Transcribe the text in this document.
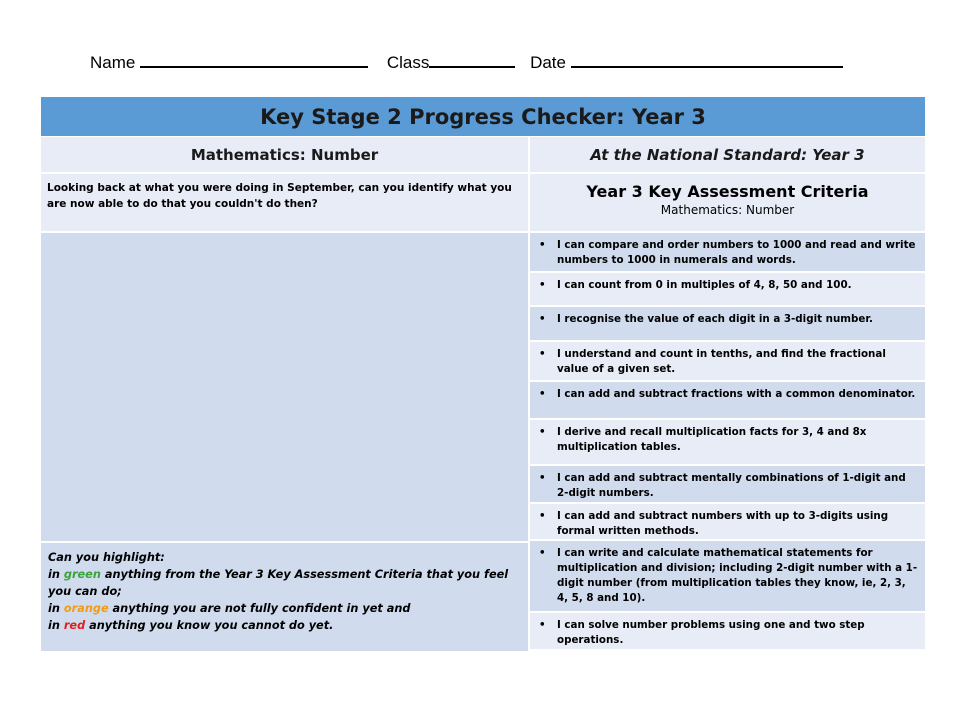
Name	Class	Date
Key Stage 2 Progress Checker: Year 3
Mathematics: Number	At the National Standard: Year 3
Looking back at what you were doing in September, can you identify what you are now able to do that you couldn't do then?
Year 3 Key Assessment Criteria
Mathematics: Number
Can you highlight:
in green anything from the Year 3 Key Assessment Criteria that you feel you can do;
in orange anything you are not fully confident in yet and
in red anything you know you cannot do yet.
•	I can compare and order numbers to 1000 and read and write numbers to 1000 in numerals and words.
•	I can count from 0 in multiples of 4, 8, 50 and 100.
•	I recognise the value of each digit in a 3-digit number.
•	I understand and count in tenths, and find the fractional value of a given set.
•	I can add and subtract fractions with a common denominator.
•	I derive and recall multiplication facts for 3, 4 and 8x multiplication tables.
•	I can add and subtract mentally combinations of 1-digit and 2-digit numbers.
•	I can add and subtract numbers with up to 3-digits using formal written methods.
•	I can write and calculate mathematical statements for multiplication and division; including 2-digit number with a 1-digit number (from multiplication tables they know, ie, 2, 3, 4, 5, 8 and 10).
•	I can solve number problems using one and two step operations.
